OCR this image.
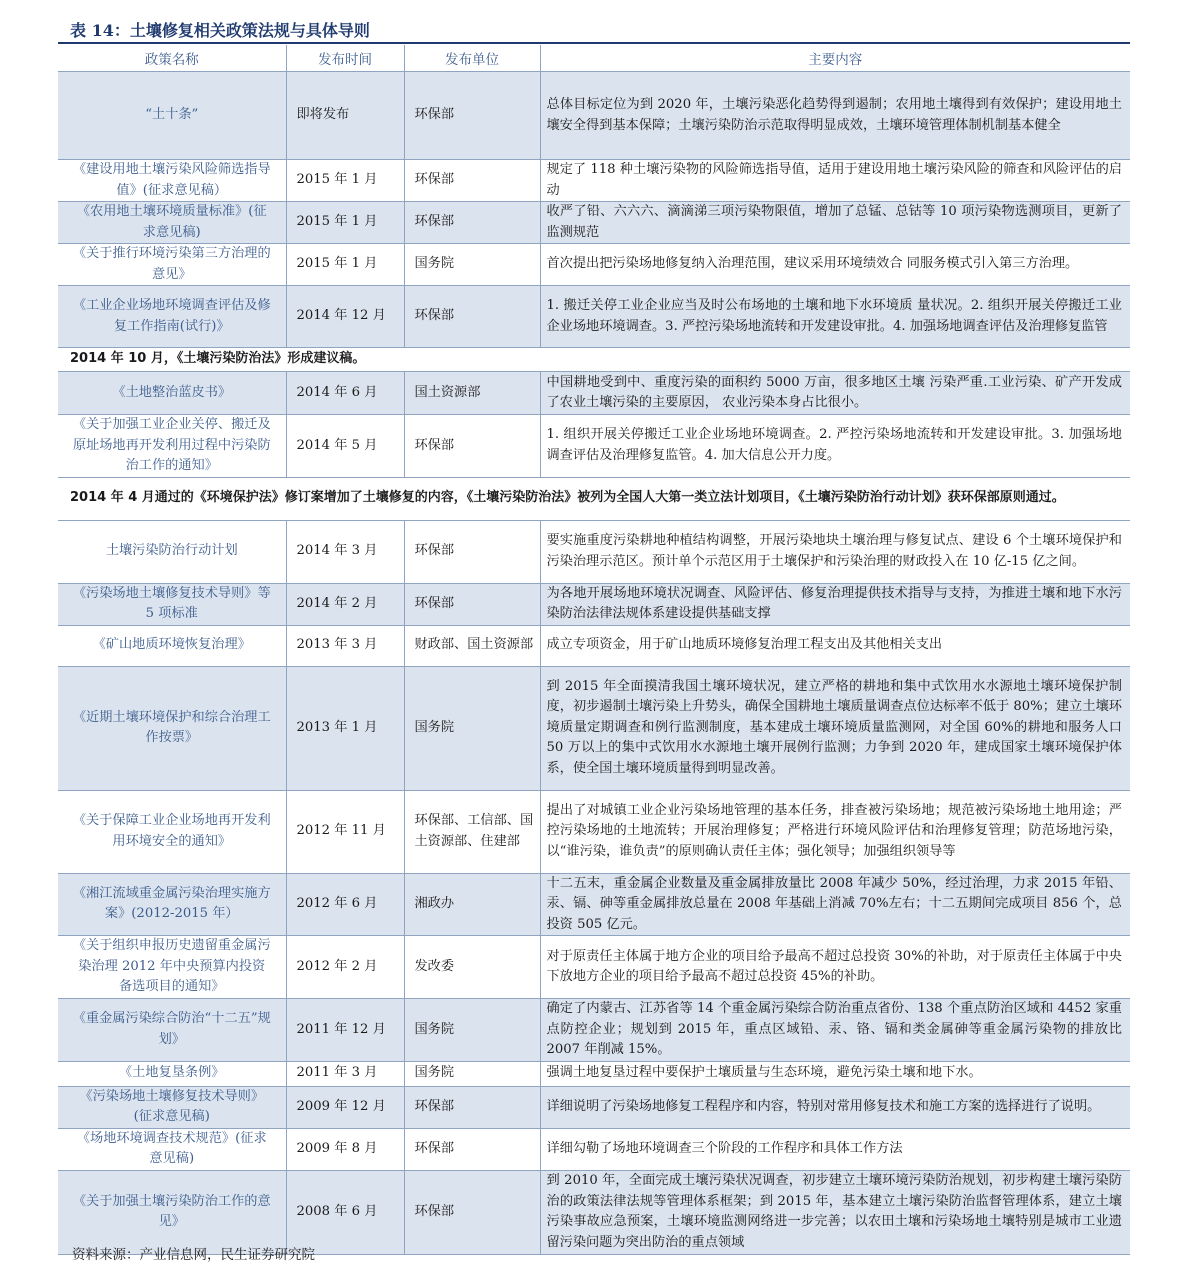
表 14：土壤修复相关政策法规与具体导则
政策名称	发布时间	发布单位	主要内容
“土十条”	即将发布	环保部	总体目标定位为到 2020 年，土壤污染恶化趋势得到遏制；农用地土壤得到有效保护；建设用地土壤安全得到基本保障；土壤污染防治示范取得明显成效，土壤环境管理体制机制基本健全
《建设用地土壤污染风险筛选指导值》(征求意见稿）	2015 年 1 月	环保部	规定了 118 种土壤污染物的风险筛选指导值，适用于建设用地土壤污染风险的筛查和风险评估的启动
《农用地土壤环境质量标准》(征求意见稿)	2015 年 1 月	环保部	收严了铅、六六六、滴滴涕三项污染物限值，增加了总锰、总钴等 10 项污染物选测项目，更新了监测规范
《关于推行环境污染第三方治理的意见》	2015 年 1 月	国务院	首次提出把污染场地修复纳入治理范围，建议采用环境绩效合 同服务模式引入第三方治理。
《工业企业场地环境调查评估及修复工作指南(试行)》	2014 年 12 月	环保部	1. 搬迁关停工业企业应当及时公布场地的土壤和地下水环境质 量状况。2. 组织开展关停搬迁工业企业场地环境调查。3. 严控污染场地流转和开发建设审批。4. 加强场地调查评估及治理修复监管
2014 年 10 月，《土壤污染防治法》形成建议稿。			
《土地整治蓝皮书》	2014 年 6 月	国土资源部	中国耕地受到中、重度污染的面积约 5000 万亩，很多地区土壤 污染严重.工业污染、矿产开发成了农业土壤污染的主要原因， 农业污染本身占比很小。
《关于加强工业企业关停、搬迁及原址场地再开发利用过程中污染防治工作的通知》	2014 年 5 月	环保部	1. 组织开展关停搬迁工业企业场地环境调查。2. 严控污染场地流转和开发建设审批。3. 加强场地调查评估及治理修复监管。4. 加大信息公开力度。
2014 年 4 月通过的《环境保护法》修订案增加了土壤修复的内容，《土壤污染防治法》被列为全国人大第一类立法计划项目，《土壤污染防治行动计划》获环保部原则通过。			
土壤污染防治行动计划	2014 年 3 月	环保部	要实施重度污染耕地种植结构调整，开展污染地块土壤治理与修复试点、建设 6 个土壤环境保护和污染治理示范区。预计单个示范区用于土壤保护和污染治理的财政投入在 10 亿-15 亿之间。
《污染场地土壤修复技术导则》等 5 项标准	2014 年 2 月	环保部	为各地开展场地环境状况调查、风险评估、修复治理提供技术指导与支持，为推进土壤和地下水污染防治法律法规体系建设提供基础支撑
《矿山地质环境恢复治理》	2013 年 3 月	财政部、国土资源部	成立专项资金，用于矿山地质环境修复治理工程支出及其他相关支出
《近期土壤环境保护和综合治理工作按票》	2013 年 1 月	国务院	到 2015 年全面摸清我国土壤环境状况，建立严格的耕地和集中式饮用水水源地土壤环境保护制度，初步遏制土壤污染上升势头，确保全国耕地土壤质量调查点位达标率不低于 80%；建立土壤环境质量定期调查和例行监测制度，基本建成土壤环境质量监测网，对全国 60%的耕地和服务人口 50 万以上的集中式饮用水水源地土壤开展例行监测；力争到 2020 年，建成国家土壤环境保护体系，使全国土壤环境质量得到明显改善。
《关于保障工业企业场地再开发利用环境安全的通知》	2012 年 11 月	环保部、工信部、国土资源部、住建部	提出了对城镇工业企业污染场地管理的基本任务，排查被污染场地；规范被污染场地土地用途；严控污染场地的土地流转；开展治理修复；严格进行环境风险评估和治理修复管理；防范场地污染，以“谁污染，谁负责”的原则确认责任主体；强化领导；加强组织领导等
《湘江流域重金属污染治理实施方案》(2012-2015 年）	2012 年 6 月	湘政办	十二五末，重金属企业数量及重金属排放量比 2008 年减少 50%，经过治理，力求 2015 年铅、汞、镉、砷等重金属排放总量在 2008 年基础上消减 70%左右；十二五期间完成项目 856 个，总投资 505 亿元。
《关于组织申报历史遗留重金属污染治理 2012 年中央预算内投资备选项目的通知》	2012 年 2 月	发改委	对于原责任主体属于地方企业的项目给予最高不超过总投资 30%的补助，对于原责任主体属于中央下放地方企业的项目给予最高不超过总投资 45%的补助。
《重金属污染综合防治“十二五”规划》	2011 年 12 月	国务院	确定了内蒙古、江苏省等 14 个重金属污染综合防治重点省份、138 个重点防治区域和 4452 家重点防控企业；规划到 2015 年，重点区域铅、汞、铬、镉和类金属砷等重金属污染物的排放比 2007 年削减 15%。
《土地复垦条例》	2011 年 3 月	国务院	强调土地复垦过程中要保护土壤质量与生态环境，避免污染土壤和地下水。
《污染场地土壤修复技术导则》(征求意见稿)	2009 年 12 月	环保部	详细说明了污染场地修复工程程序和内容，特别对常用修复技术和施工方案的选择进行了说明。
《场地环境调查技术规范》(征求意见稿)	2009 年 8 月	环保部	详细勾勒了场地环境调查三个阶段的工作程序和具体工作方法
《关于加强土壤污染防治工作的意见》	2008 年 6 月	环保部	到 2010 年，全面完成土壤污染状况调查，初步建立土壤环境污染防治规划，初步构建土壤污染防治的政策法律法规等管理体系框架；到 2015 年，基本建立土壤污染防治监督管理体系，建立土壤污染事故应急预案，土壤环境监测网络进一步完善；以农田土壤和污染场地土壤特别是城市工业遗留污染问题为突出防治的重点领域
资料来源：产业信息网，民生证券研究院
